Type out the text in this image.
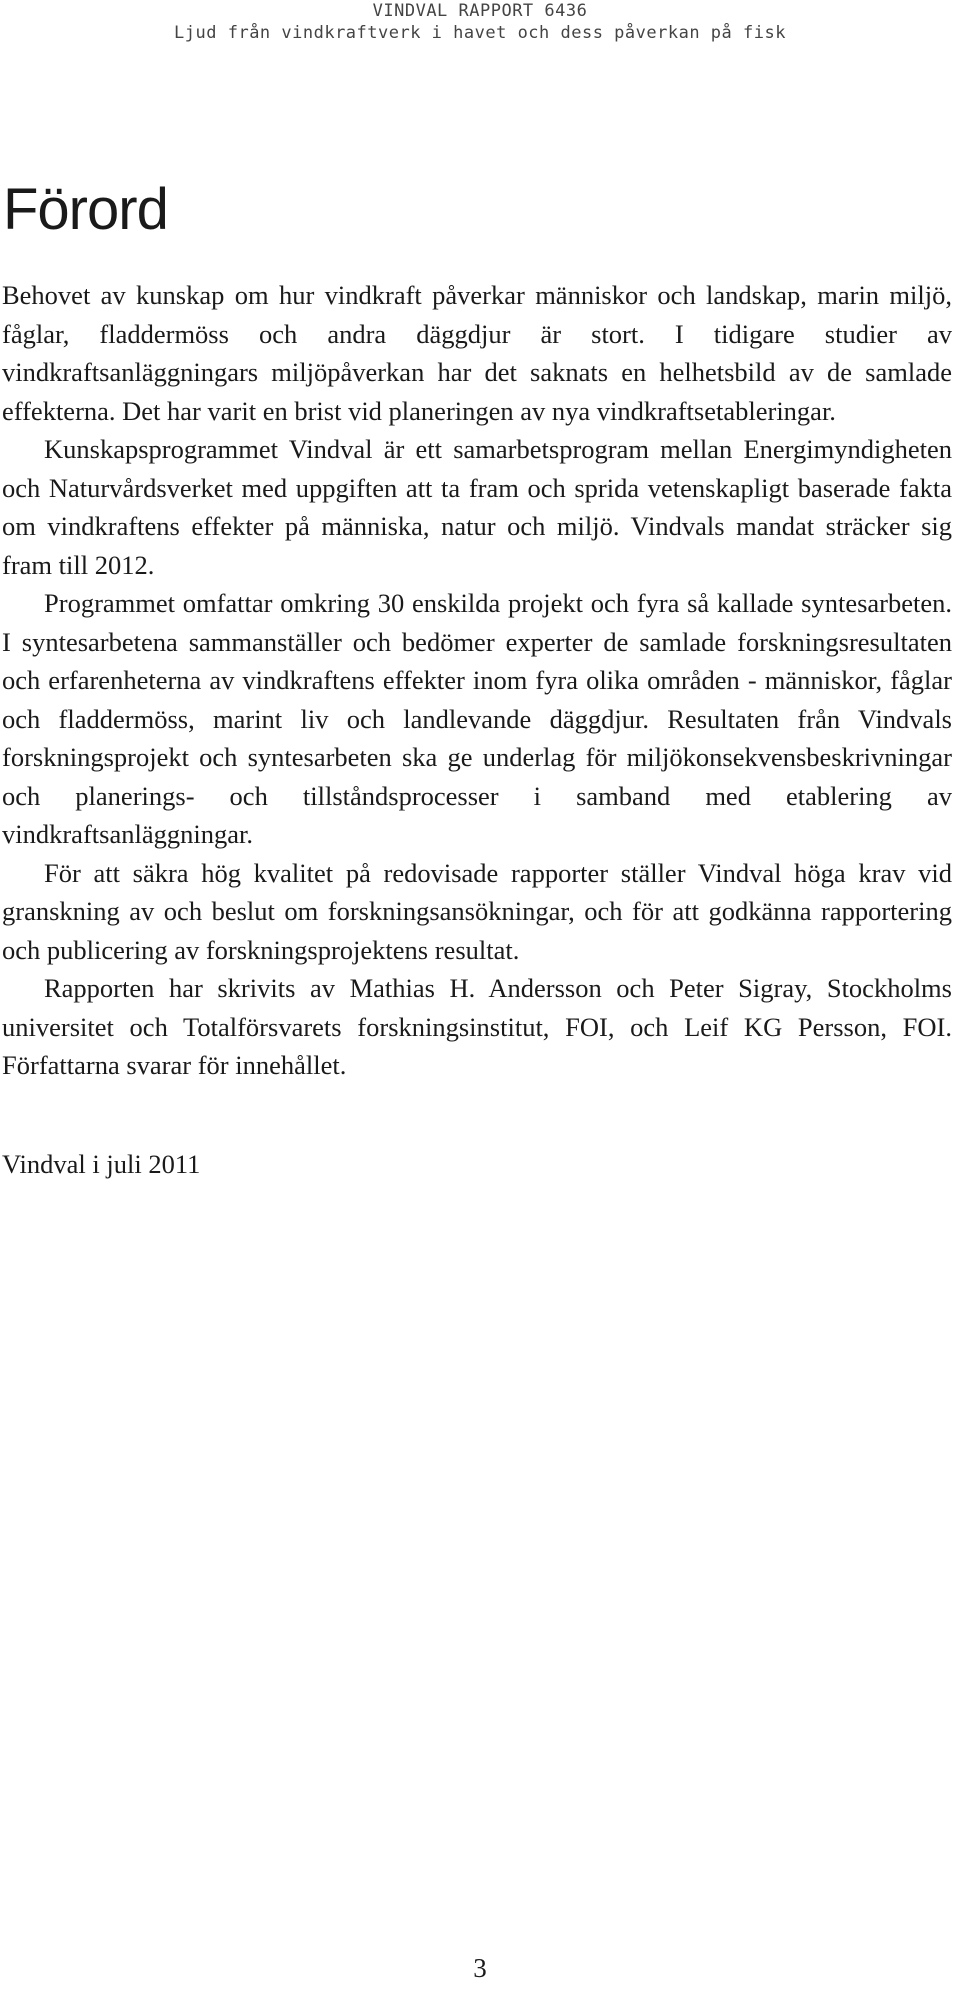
VINDVAL RAPPORT 6436
Ljud från vindkraftverk i havet och dess påverkan på fisk
Förord

Behovet av kunskap om hur vindkraft påverkar människor och landskap, marin miljö, fåglar, fladdermöss och andra däggdjur är stort. I tidigare studier av vindkraftsanläggningars miljöpåverkan har det saknats en helhetsbild av de samlade effekterna. Det har varit en brist vid planeringen av nya vindkraftsetableringar.

Kunskapsprogrammet Vindval är ett samarbetsprogram mellan Energimyndigheten och Naturvårdsverket med uppgiften att ta fram och sprida vetenskapligt baserade fakta om vindkraftens effekter på människa, natur och miljö. Vindvals mandat sträcker sig fram till 2012.

Programmet omfattar omkring 30 enskilda projekt och fyra så kallade syntesarbeten. I syntesarbetena sammanställer och bedömer experter de samlade forskningsresultaten och erfarenheterna av vindkraftens effekter inom fyra olika områden - människor, fåglar och fladdermöss, marint liv och landlevande däggdjur. Resultaten från Vindvals forskningsprojekt och syntesarbeten ska ge underlag för miljökonsekvensbeskrivningar och planerings- och tillståndsprocesser i samband med etablering av vindkraftsanläggningar.

För att säkra hög kvalitet på redovisade rapporter ställer Vindval höga krav vid granskning av och beslut om forskningsansökningar, och för att godkänna rapportering och publicering av forskningsprojektens resultat.

Rapporten har skrivits av Mathias H. Andersson och Peter Sigray, Stockholms universitet och Totalförsvarets forskningsinstitut, FOI, och Leif KG Persson, FOI. Författarna svarar för innehållet.

Vindval i juli 2011

3
